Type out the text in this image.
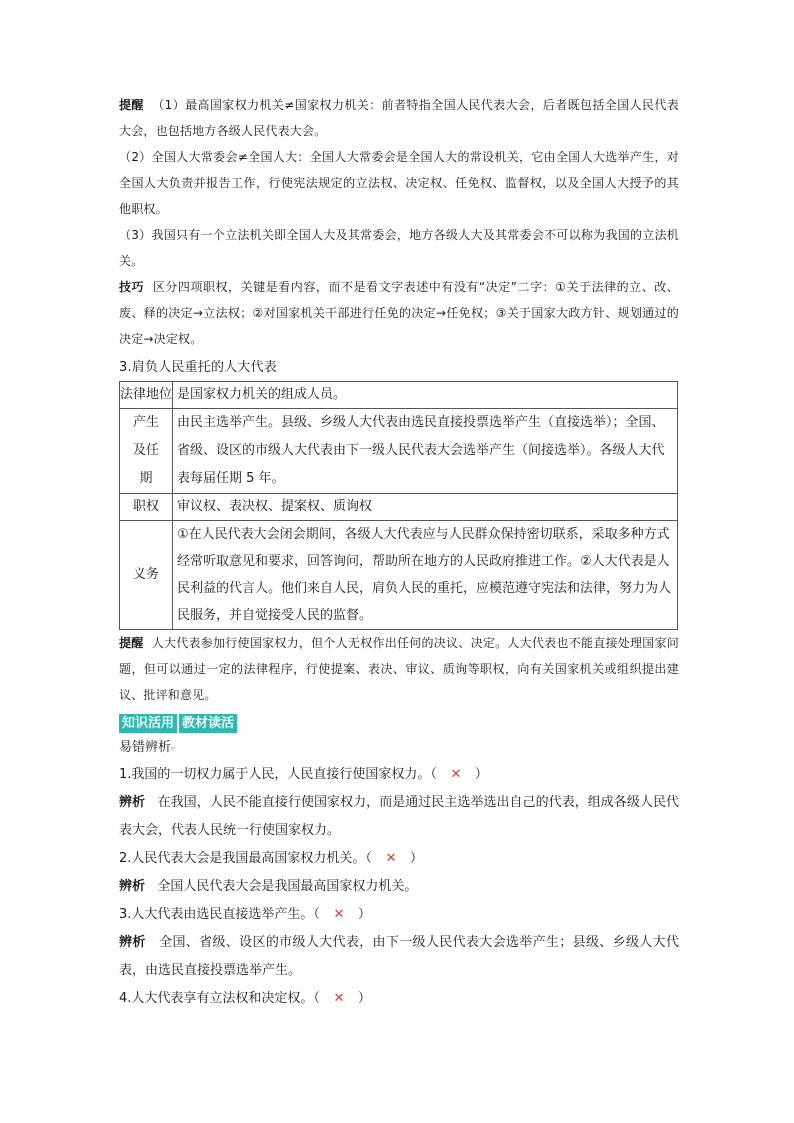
提醒 （1）最高国家权力机关≠国家权力机关：前者特指全国人民代表大会，后者既包括全国人民代表大会，也包括地方各级人民代表大会。

（2）全国人大常委会≠全国人大：全国人大常委会是全国人大的常设机关，它由全国人大选举产生，对全国人大负责并报告工作，行使宪法规定的立法权、决定权、任免权、监督权，以及全国人大授予的其他职权。

（3）我国只有一个立法机关即全国人大及其常委会，地方各级人大及其常委会不可以称为我国的立法机关。

技巧 区分四项职权，关键是看内容，而不是看文字表述中有没有“决定”二字：①关于法律的立、改、废、释的决定→立法权；②对国家机关干部进行任免的决定→任免权；③关于国家大政方针、规划通过的决定→决定权。

3.肩负人民重托的人大代表

法律地位	是国家权力机关的组成人员。
产生及任期	由民主选举产生。县级、乡级人大代表由选民直接投票选举产生（直接选举）；全国、省级、设区的市级人大代表由下一级人民代表大会选举产生（间接选举）。各级人大代表每届任期 5 年。
职权	审议权、表决权、提案权、质询权
义务	①在人民代表大会闭会期间，各级人大代表应与人民群众保持密切联系，采取多种方式经常听取意见和要求，回答询问，帮助所在地方的人民政府推进工作。②人大代表是人民利益的代言人。他们来自人民，肩负人民的重托，应模范遵守宪法和法律，努力为人民服务，并自觉接受人民的监督。

提醒 人大代表参加行使国家权力，但个人无权作出任何的决议、决定。人大代表也不能直接处理国家问题，但可以通过一定的法律程序，行使提案、表决、审议、质询等职权，向有关国家机关或组织提出建议、批评和意见。

知识活用 教材读活
易错辨析▿

1.我国的一切权力属于人民，人民直接行使国家权力。（ ✕ ）

辨析 在我国，人民不能直接行使国家权力，而是通过民主选举选出自己的代表，组成各级人民代表大会，代表人民统一行使国家权力。

2.人民代表大会是我国最高国家权力机关。（ ✕ ）

辨析 全国人民代表大会是我国最高国家权力机关。

3.人大代表由选民直接选举产生。（ ✕ ）

辨析 全国、省级、设区的市级人大代表，由下一级人民代表大会选举产生；县级、乡级人大代表，由选民直接投票选举产生。

4.人大代表享有立法权和决定权。（ ✕ ）
